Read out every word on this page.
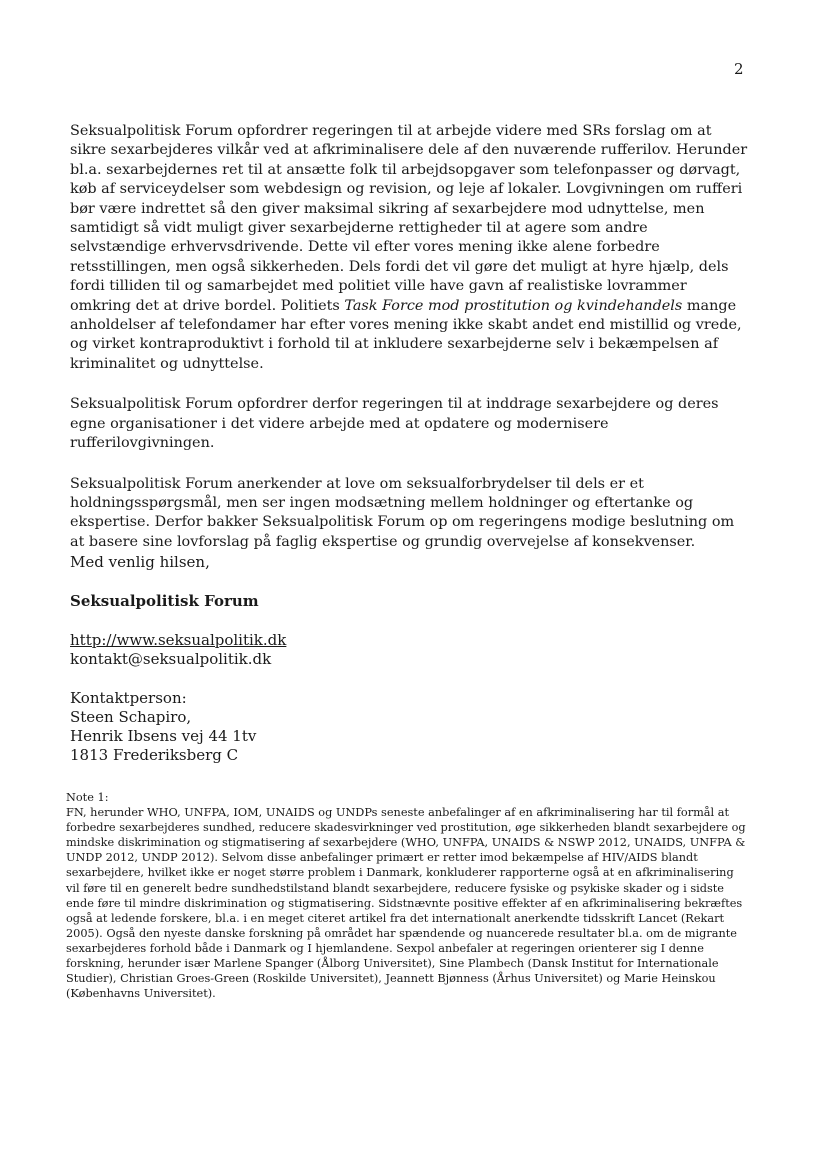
2

Seksualpolitisk Forum opfordrer regeringen til at arbejde videre med SRs forslag om at sikre sexarbejderes vilkår ved at afkriminalisere dele af den nuværende rufferilov. Herunder bl.a. sexarbejdernes ret til at ansætte folk til arbejdsopgaver som telefonpasser og dørvagt, køb af serviceydelser som webdesign og revision, og leje af lokaler. Lovgivningen om rufferi bør være indrettet så den giver maksimal sikring af sexarbejdere mod udnyttelse, men samtidigt så vidt muligt giver sexarbejderne rettigheder til at agere som andre selvstændige erhvervsdrivende. Dette vil efter vores mening ikke alene forbedre retsstillingen, men også sikkerheden. Dels fordi det vil gøre det muligt at hyre hjælp, dels fordi tilliden til og samarbejdet med politiet ville have gavn af realistiske lovrammer omkring det at drive bordel. Politiets Task Force mod prostitution og kvindehandels mange anholdelser af telefondamer har efter vores mening ikke skabt andet end mistillid og vrede, og virket kontraproduktivt i forhold til at inkludere sexarbejderne selv i bekæmpelsen af kriminalitet og udnyttelse.

Seksualpolitisk Forum opfordrer derfor regeringen til at inddrage sexarbejdere og deres egne organisationer i det videre arbejde med at opdatere og modernisere rufferilovgivningen.

Seksualpolitisk Forum anerkender at love om seksualforbrydelser til dels er et holdningsspørgsmål, men ser ingen modsætning mellem holdninger og eftertanke og ekspertise. Derfor bakker Seksualpolitisk Forum op om regeringens modige beslutning om at basere sine lovforslag på faglig ekspertise og grundig overvejelse af konsekvenser.

Med venlig hilsen,
Seksualpolitisk Forum
http://www.seksualpolitik.dk
kontakt@seksualpolitik.dk
Kontaktperson:
Steen Schapiro,
Henrik Ibsens vej 44 1tv
1813 Frederiksberg C
Note 1:

FN, herunder WHO, UNFPA, IOM, UNAIDS og UNDPs seneste anbefalinger af en afkriminalisering har til formål at forbedre sexarbejderes sundhed, reducere skadesvirkninger ved prostitution, øge sikkerheden blandt sexarbejdere og mindske diskrimination og stigmatisering af sexarbejdere (WHO, UNFPA, UNAIDS & NSWP 2012, UNAIDS, UNFPA & UNDP 2012, UNDP 2012). Selvom disse anbefalinger primært er retter imod bekæmpelse af HIV/AIDS blandt sexarbejdere, hvilket ikke er noget større problem i Danmark, konkluderer rapporterne også at en afkriminalisering vil føre til en generelt bedre sundhedstilstand blandt sexarbejdere, reducere fysiske og psykiske skader og i sidste ende føre til mindre diskrimination og stigmatisering. Sidstnævnte positive effekter af en afkriminalisering bekræftes også at ledende forskere, bl.a. i en meget citeret artikel fra det internationalt anerkendte tidsskrift Lancet (Rekart 2005). Også den nyeste danske forskning på området har spændende og nuancerede resultater bl.a. om de migrante sexarbejderes forhold både i Danmark og I hjemlandene. Sexpol anbefaler at regeringen orienterer sig I denne forskning, herunder især Marlene Spanger (Ålborg Universitet), Sine Plambech (Dansk Institut for Internationale Studier), Christian Groes-Green (Roskilde Universitet), Jeannett Bjønness (Århus Universitet) og Marie Heinskou (Københavns Universitet).
